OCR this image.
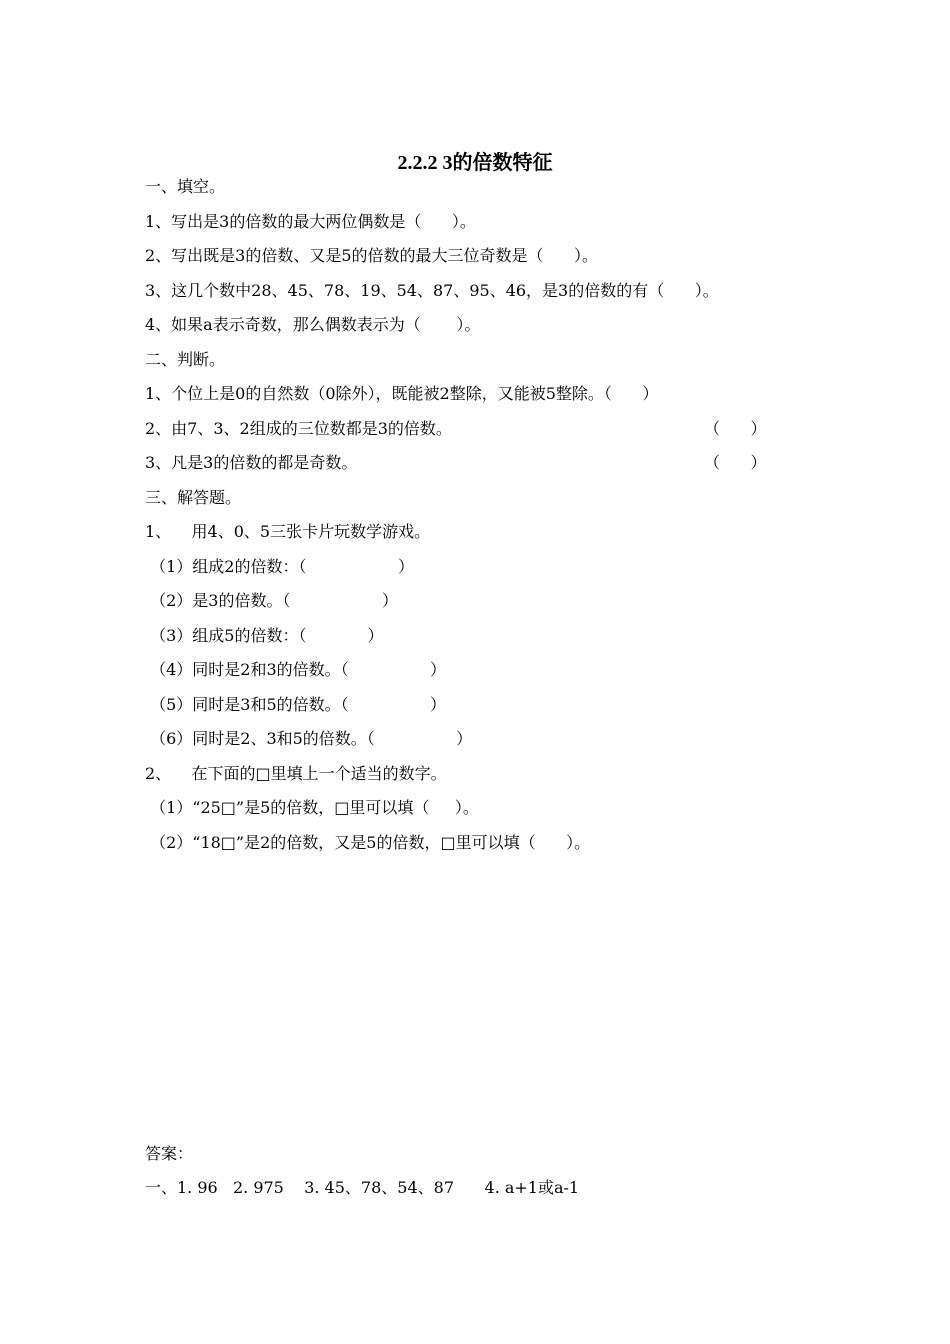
2.2.2 3的倍数特征
一、填空。
1、写出是3的倍数的最大两位偶数是（      ）。
2、写出既是3的倍数、又是5的倍数的最大三位奇数是（      ）。
3、这几个数中28、45、78、19、54、87、95、46，是3的倍数的有（      ）。
4、如果a表示奇数，那么偶数表示为（       ）。
二、判断。
1、个位上是0的自然数（0除外），既能被2整除，又能被5整除。（      ）
2、由7、3、2组成的三位数都是3的倍数。	（      ）
3、凡是3的倍数的都是奇数。	（      ）
三、解答题。
1、    用4、0、5三张卡片玩数学游戏。
（1）组成2的倍数：（                  ）
（2）是3的倍数。（                  ）
（3）组成5的倍数：（            ）
（4）同时是2和3的倍数。（                ）
（5）同时是3和5的倍数。（                ）
（6）同时是2、3和5的倍数。（                ）
2、    在下面的□里填上一个适当的数字。
（1）“25□”是5的倍数，□里可以填（     ）。
（2）“18□”是2的倍数，又是5的倍数，□里可以填（      ）。
答案：
一、1. 96   2. 975    3. 45、78、54、87      4. a+1或a-1
